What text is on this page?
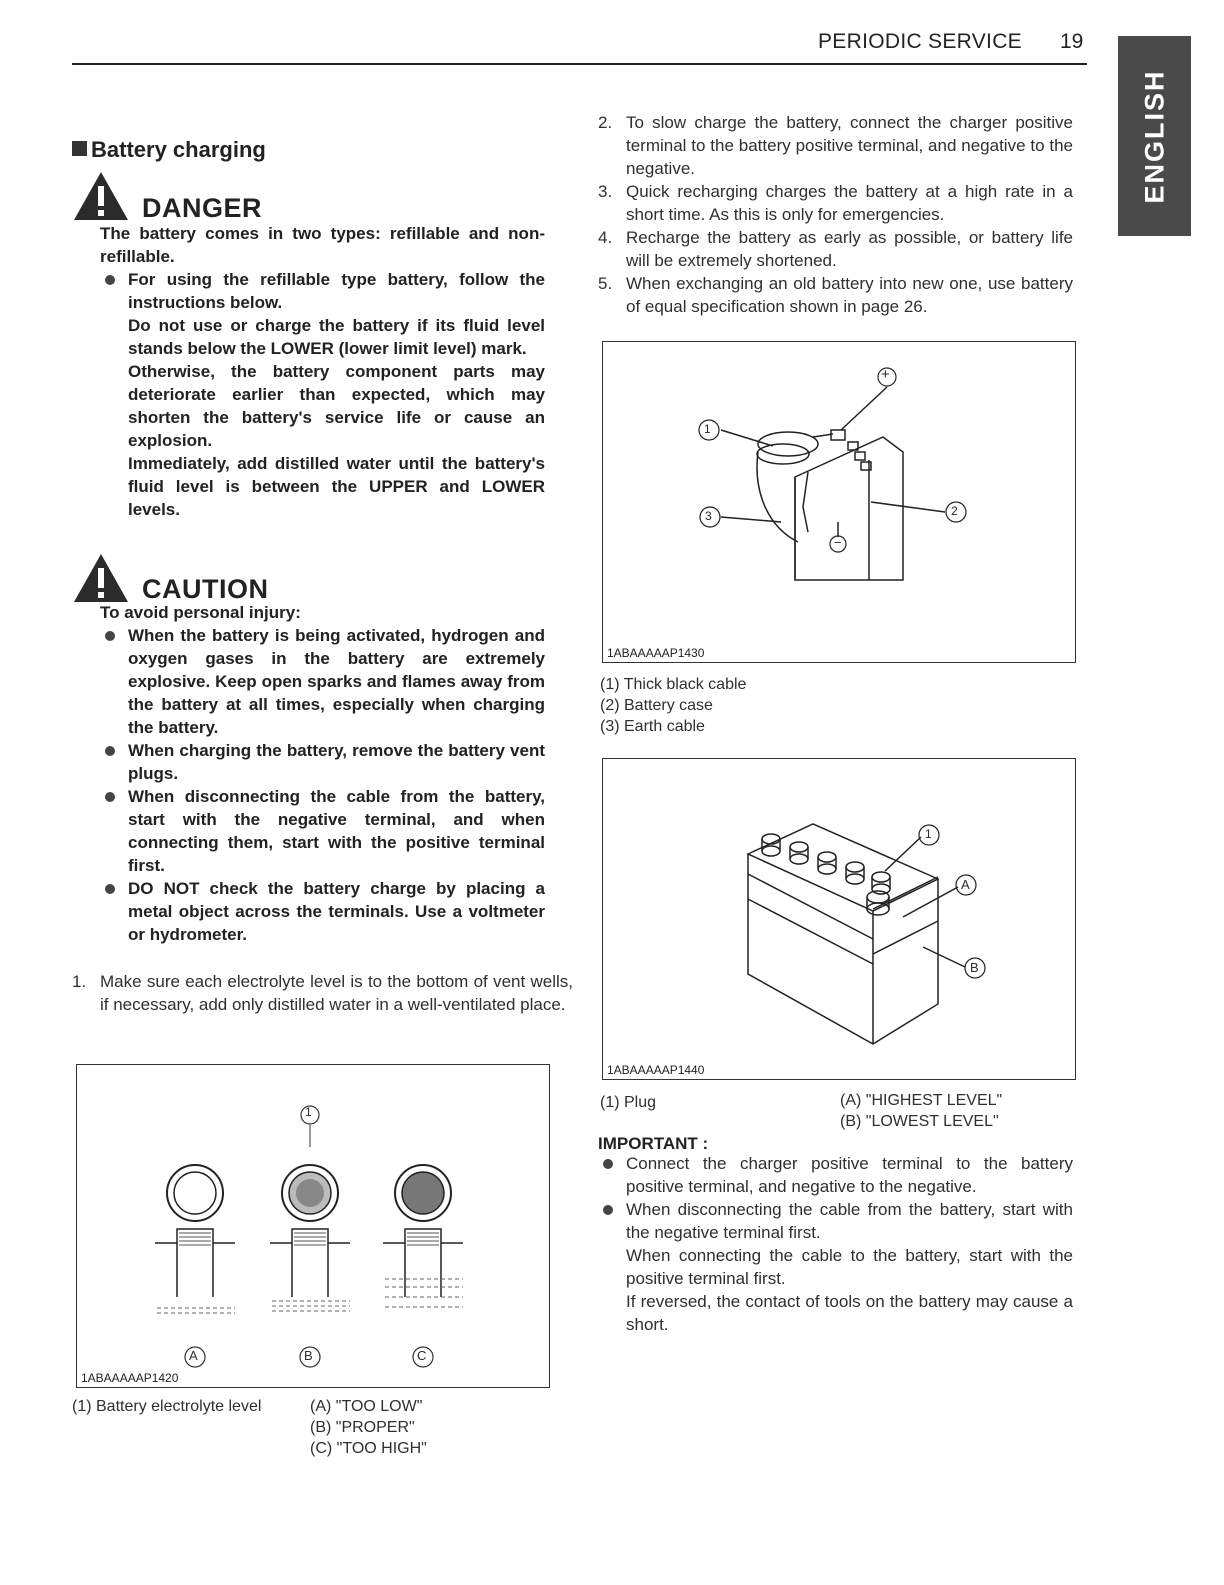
PERIODIC SERVICE 19
ENGLISH
Battery charging
DANGER
The battery comes in two types: refillable and non-refillable.
For using the refillable type battery, follow the instructions below.
Do not use or charge the battery if its fluid level stands below the LOWER (lower limit level) mark.
Otherwise, the battery component parts may deteriorate earlier than expected, which may shorten the battery's service life or cause an explosion.
Immediately, add distilled water until the battery's fluid level is between the UPPER and LOWER levels.
CAUTION
To avoid personal injury:
When the battery is being activated, hydrogen and oxygen gases in the battery are extremely explosive. Keep open sparks and flames away from the battery at all times, especially when charging the battery.
When charging the battery, remove the battery vent plugs.
When disconnecting the cable from the battery, start with the negative terminal, and when connecting them, start with the positive terminal first.
DO NOT check the battery charge by placing a metal object across the terminals. Use a voltmeter or hydrometer.
1. Make sure each electrolyte level is to the bottom of vent wells, if necessary, add only distilled water in a well-ventilated place.
1
A	B	C
1ABAAAAAP1420
(1) Battery electrolyte level	(A) "TOO LOW"
(B) "PROPER"
(C) "TOO HIGH"
2. To slow charge the battery, connect the charger positive terminal to the battery positive terminal, and negative to the negative.
3. Quick recharging charges the battery at a high rate in a short time. As this is only for emergencies.
4. Recharge the battery as early as possible, or battery life will be extremely shortened.
5. When exchanging an old battery into new one, use battery of equal specification shown in page 26.
+
1
2
3
−
1ABAAAAAP1430
(1) Thick black cable
(2) Battery case
(3) Earth cable
1
A
B
1ABAAAAAP1440
(1) Plug	(A) "HIGHEST LEVEL"
(B) "LOWEST LEVEL"
IMPORTANT :
Connect the charger positive terminal to the battery positive terminal, and negative to the negative.
When disconnecting the cable from the battery, start with the negative terminal first.
When connecting the cable to the battery, start with the positive terminal first.
If reversed, the contact of tools on the battery may cause a short.
